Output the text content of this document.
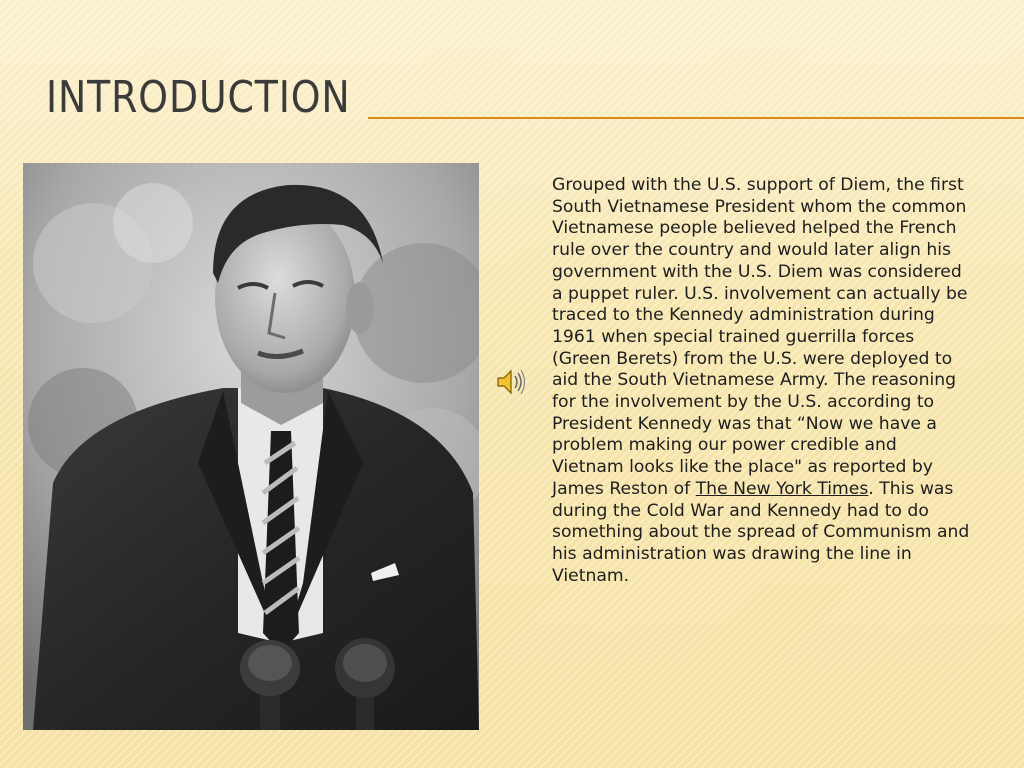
INTRODUCTION

Grouped with the U.S. support of Diem, the first South Vietnamese President whom the common Vietnamese people believed helped the French rule over the country and would later align his government with the U.S. Diem was considered a puppet ruler. U.S. involvement can actually be traced to the Kennedy administration during 1961 when special trained guerrilla forces (Green Berets) from the U.S. were deployed to aid the South Vietnamese Army. The reasoning for the involvement by the U.S. according to President Kennedy was that “Now we have a problem making our power credible and Vietnam looks like the place" as reported by James Reston of The New York Times. This was during the Cold War and Kennedy had to do something about the spread of Communism and his administration was drawing the line in Vietnam.
